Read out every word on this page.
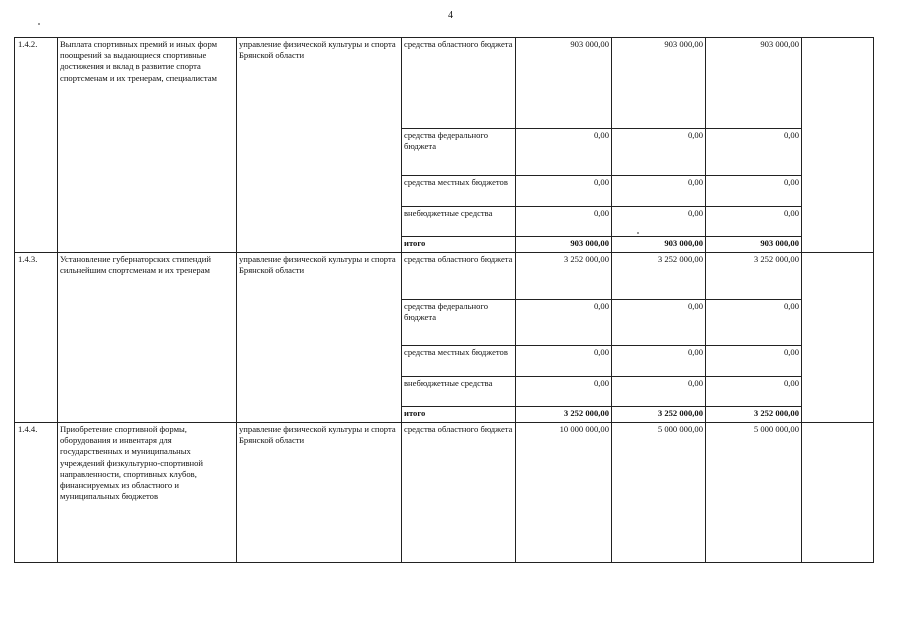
4
1.4.2.	Выплата спортивных премий и иных форм поощрений за выдающиеся спортивные достижения и вклад в развитие спорта спортсменам и их тренерам, специалистам	управление физической культуры и спорта Брянской области	средства областного бюджета	903 000,00	903 000,00	903 000,00	
			средства федерального бюджета	0,00	0,00	0,00	
			средства местных бюджетов	0,00	0,00	0,00	
			внебюджетные средства	0,00	0,00	0,00	
			итого	903 000,00	903 000,00	903 000,00	
1.4.3.	Установление губернаторских стипендий сильнейшим спортсменам и их тренерам	управление физической культуры и спорта Брянской области	средства областного бюджета	3 252 000,00	3 252 000,00	3 252 000,00	
			средства федерального бюджета	0,00	0,00	0,00	
			средства местных бюджетов	0,00	0,00	0,00	
			внебюджетные средства	0,00	0,00	0,00	
			итого	3 252 000,00	3 252 000,00	3 252 000,00	
1.4.4.	Приобретение спортивной формы, оборудования и инвентаря для государственных и муниципальных учреждений физкультурно-спортивной направленности, спортивных клубов, финансируемых из областного и муниципальных бюджетов	управление физической культуры и спорта Брянской области	средства областного бюджета	10 000 000,00	5 000 000,00	5 000 000,00	
